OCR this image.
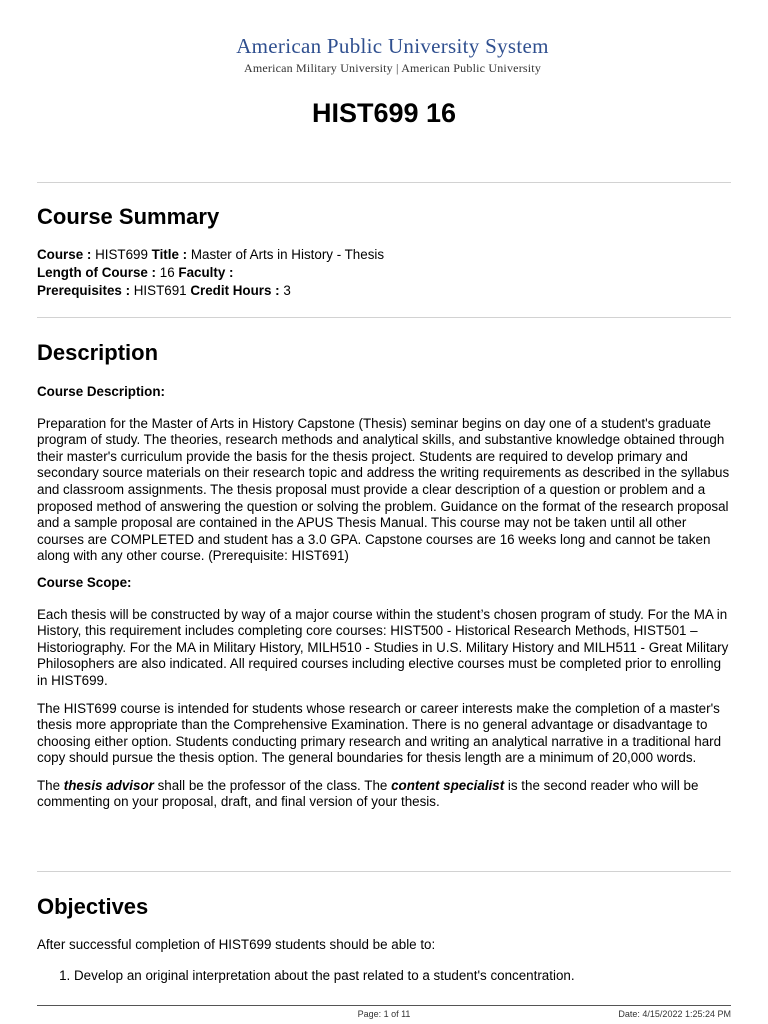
American Public University System
American Military University | American Public University
HIST699 16
Course Summary

Course : HIST699 Title : Master of Arts in History - Thesis

Length of Course : 16 Faculty :

Prerequisites : HIST691 Credit Hours : 3

Description

Course Description:

Preparation for the Master of Arts in History Capstone (Thesis) seminar begins on day one of a student's graduate program of study. The theories, research methods and analytical skills, and substantive knowledge obtained through their master's curriculum provide the basis for the thesis project. Students are required to develop primary and secondary source materials on their research topic and address the writing requirements as described in the syllabus and classroom assignments. The thesis proposal must provide a clear description of a question or problem and a proposed method of answering the question or solving the problem. Guidance on the format of the research proposal and a sample proposal are contained in the APUS Thesis Manual. This course may not be taken until all other courses are COMPLETED and student has a 3.0 GPA. Capstone courses are 16 weeks long and cannot be taken along with any other course. (Prerequisite: HIST691)

Course Scope:

Each thesis will be constructed by way of a major course within the student’s chosen program of study. For the MA in History, this requirement includes completing core courses: HIST500 - Historical Research Methods, HIST501 – Historiography. For the MA in Military History, MILH510 - Studies in U.S. Military History and MILH511 - Great Military Philosophers are also indicated. All required courses including elective courses must be completed prior to enrolling in HIST699.

The HIST699 course is intended for students whose research or career interests make the completion of a master's thesis more appropriate than the Comprehensive Examination. There is no general advantage or disadvantage to choosing either option. Students conducting primary research and writing an analytical narrative in a traditional hard copy should pursue the thesis option. The general boundaries for thesis length are a minimum of 20,000 words.

The thesis advisor shall be the professor of the class. The content specialist is the second reader who will be commenting on your proposal, draft, and final version of your thesis.

Objectives

After successful completion of HIST699 students should be able to:

1. Develop an original interpretation about the past related to a student's concentration.
Page: 1 of 11	Date: 4/15/2022 1:25:24 PM
